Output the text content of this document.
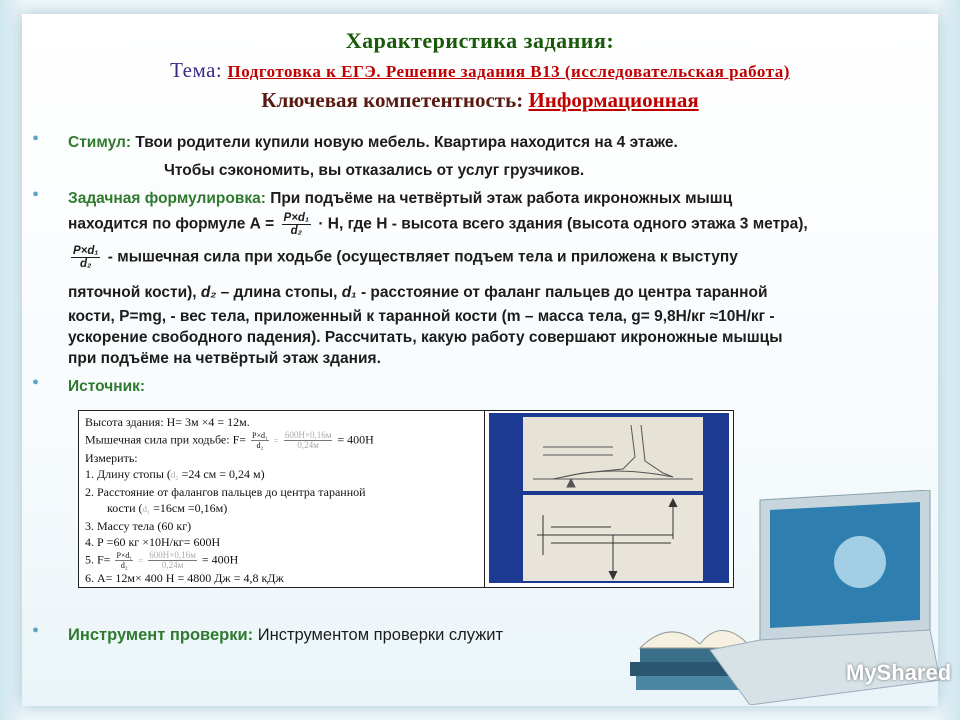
Характеристика задания:
Тема: Подготовка к ЕГЭ. Решение задания В13 (исследовательская работа)
Ключевая компетентность: Информационная
• Стимул: Твои родители купили новую мебель. Квартира находится на 4 этаже.
Чтобы сэкономить, вы отказались от услуг грузчиков.
• Задачная формулировка: При подъёме на четвёртый этаж работа икроножных мышц
находится по формуле $А = \frac{\text{P×d₁}}{\text{d₂}} \cdot Н$, где Н - высота всего здания (высота одного этажа 3 метра),
$\frac{\text{P×d₁}}{\text{d₂}}$ - мышечная сила при ходьбе (осуществляет подъем тела и приложена к выступу
пяточной кости), d₂ – длина стопы, d₁ - расстояние от фаланг пальцев до центра таранной
кости, P=mg, - вес тела, приложенный к таранной кости (m – масса тела, g= 9,8Н/кг ≈10Н/кг -
ускорение свободного падения). Рассчитать, какую работу совершают икроножные мышцы
при подъёме на четвёртый этаж здания.
• Источник:
Высота здания: Н= 3м ×4 = 12м.
Мышечная сила при ходьбе: $F= \frac{\text{P×d₁}}{\text{d₂}} = \frac{600Н\times 0,16м}{0,24м} = 400Н$
Измерить:
1. Длину стопы (d₂ =24 см = 0,24 м)
2. Расстояние от фалангов пальцев до центра таранной
кости (d₁ =16см =0,16м)
3. Массу тела (60 кг)
4. Р =60 кг ×10Н/кг= 600Н
5. $F= \frac{\text{P×d₁}}{\text{d₂}} = \frac{600Н\times 0,16м}{0,24м} = 400Н$
6. А= 12м× 400 Н = 4800 Дж = 4,8 кДж
• Инструмент проверки: Инструментом проверки служит
MyShared
